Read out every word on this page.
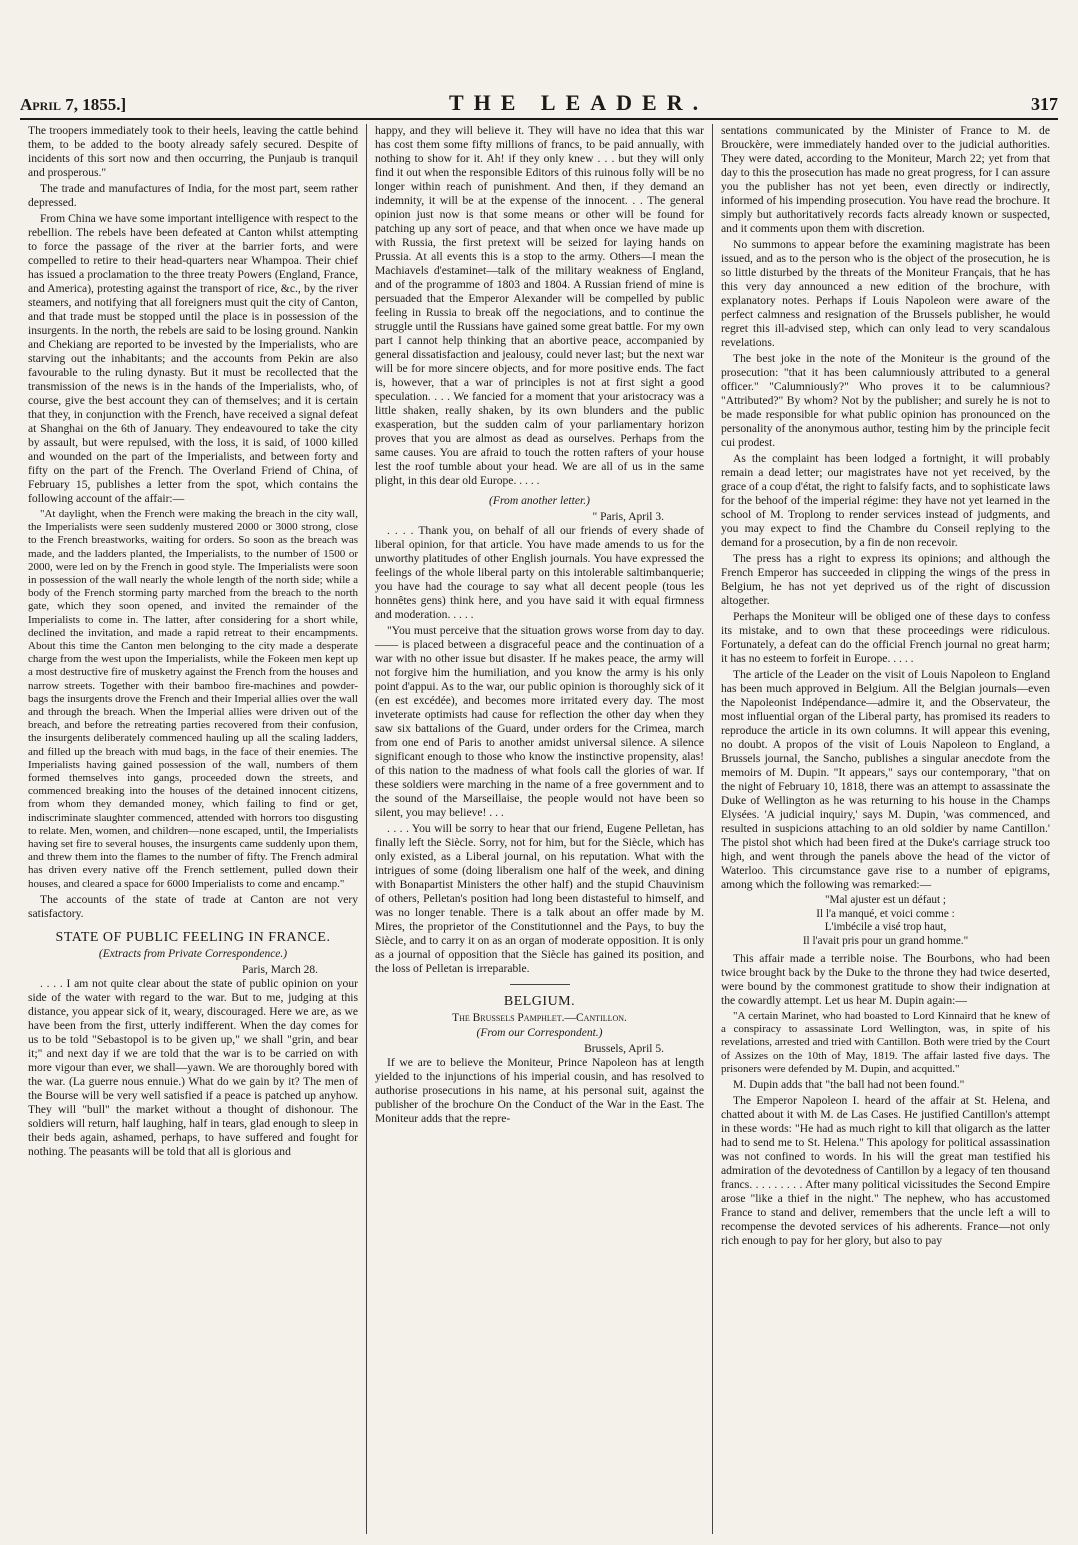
April 7, 1855.]	THE LEADER.	317

The troopers immediately took to their heels, leaving the cattle behind them, to be added to the booty already safely secured. Despite of incidents of this sort now and then occurring, the Punjaub is tranquil and prosperous."

The trade and manufactures of India, for the most part, seem rather depressed.

From China we have some important intelligence with respect to the rebellion. The rebels have been defeated at Canton whilst attempting to force the passage of the river at the barrier forts, and were compelled to retire to their head-quarters near Whampoa. Their chief has issued a proclamation to the three treaty Powers (England, France, and America), protesting against the transport of rice, &c., by the river steamers, and notifying that all foreigners must quit the city of Canton, and that trade must be stopped until the place is in possession of the insurgents. In the north, the rebels are said to be losing ground. Nankin and Chekiang are reported to be invested by the Imperialists, who are starving out the inhabitants; and the accounts from Pekin are also favourable to the ruling dynasty. But it must be recollected that the transmission of the news is in the hands of the Imperialists, who, of course, give the best account they can of themselves; and it is certain that they, in conjunction with the French, have received a signal defeat at Shanghai on the 6th of January. They endeavoured to take the city by assault, but were repulsed, with the loss, it is said, of 1000 killed and wounded on the part of the Imperialists, and between forty and fifty on the part of the French. The Overland Friend of China, of February 15, publishes a letter from the spot, which contains the following account of the affair:—

"At daylight, when the French were making the breach in the city wall, the Imperialists were seen suddenly mustered 2000 or 3000 strong, close to the French breastworks, waiting for orders. So soon as the breach was made, and the ladders planted, the Imperialists, to the number of 1500 or 2000, were led on by the French in good style. The Imperialists were soon in possession of the wall nearly the whole length of the north side; while a body of the French storming party marched from the breach to the north gate, which they soon opened, and invited the remainder of the Imperialists to come in. The latter, after considering for a short while, declined the invitation, and made a rapid retreat to their encampments. About this time the Canton men belonging to the city made a desperate charge from the west upon the Imperialists, while the Fokeen men kept up a most destructive fire of musketry against the French from the houses and narrow streets. Together with their bamboo fire-machines and powder-bags the insurgents drove the French and their Imperial allies over the wall and through the breach. When the Imperial allies were driven out of the breach, and before the retreating parties recovered from their confusion, the insurgents deliberately commenced hauling up all the scaling ladders, and filled up the breach with mud bags, in the face of their enemies. The Imperialists having gained possession of the wall, numbers of them formed themselves into gangs, proceeded down the streets, and commenced breaking into the houses of the detained innocent citizens, from whom they demanded money, which failing to find or get, indiscriminate slaughter commenced, attended with horrors too disgusting to relate. Men, women, and children—none escaped, until, the Imperialists having set fire to several houses, the insurgents came suddenly upon them, and threw them into the flames to the number of fifty. The French admiral has driven every native off the French settlement, pulled down their houses, and cleared a space for 6000 Imperialists to come and encamp."

The accounts of the state of trade at Canton are not very satisfactory.

STATE OF PUBLIC FEELING IN FRANCE.
(Extracts from Private Correspondence.)
Paris, March 28.

. . . . I am not quite clear about the state of public opinion on your side of the water with regard to the war. But to me, judging at this distance, you appear sick of it, weary, discouraged. Here we are, as we have been from the first, utterly indifferent. When the day comes for us to be told "Sebastopol is to be given up," we shall "grin, and bear it;" and next day if we are told that the war is to be carried on with more vigour than ever, we shall—yawn. We are thoroughly bored with the war. (La guerre nous ennuie.) What do we gain by it? The men of the Bourse will be very well satisfied if a peace is patched up anyhow. They will "bull" the market without a thought of dishonour. The soldiers will return, half laughing, half in tears, glad enough to sleep in their beds again, ashamed, perhaps, to have suffered and fought for nothing. The peasants will be told that all is glorious and

happy, and they will believe it. They will have no idea that this war has cost them some fifty millions of francs, to be paid annually, with nothing to show for it. Ah! if they only knew . . . but they will only find it out when the responsible Editors of this ruinous folly will be no longer within reach of punishment. And then, if they demand an indemnity, it will be at the expense of the innocent. . . The general opinion just now is that some means or other will be found for patching up any sort of peace, and that when once we have made up with Russia, the first pretext will be seized for laying hands on Prussia. At all events this is a stop to the army. Others—I mean the Machiavels d'estaminet—talk of the military weakness of England, and of the programme of 1803 and 1804. A Russian friend of mine is persuaded that the Emperor Alexander will be compelled by public feeling in Russia to break off the negociations, and to continue the struggle until the Russians have gained some great battle. For my own part I cannot help thinking that an abortive peace, accompanied by general dissatisfaction and jealousy, could never last; but the next war will be for more sincere objects, and for more positive ends. The fact is, however, that a war of principles is not at first sight a good speculation. . . . We fancied for a moment that your aristocracy was a little shaken, really shaken, by its own blunders and the public exasperation, but the sudden calm of your parliamentary horizon proves that you are almost as dead as ourselves. Perhaps from the same causes. You are afraid to touch the rotten rafters of your house lest the roof tumble about your head. We are all of us in the same plight, in this dear old Europe. . . . .

(From another letter.)
" Paris, April 3.

. . . . Thank you, on behalf of all our friends of every shade of liberal opinion, for that article. You have made amends to us for the unworthy platitudes of other English journals. You have expressed the feelings of the whole liberal party on this intolerable saltimbanquerie; you have had the courage to say what all decent people (tous les honnêtes gens) think here, and you have said it with equal firmness and moderation. . . . .

"You must perceive that the situation grows worse from day to day.—— is placed between a disgraceful peace and the continuation of a war with no other issue but disaster. If he makes peace, the army will not forgive him the humiliation, and you know the army is his only point d'appui. As to the war, our public opinion is thoroughly sick of it (en est excédée), and becomes more irritated every day. The most inveterate optimists had cause for reflection the other day when they saw six battalions of the Guard, under orders for the Crimea, march from one end of Paris to another amidst universal silence. A silence significant enough to those who know the instinctive propensity, alas! of this nation to the madness of what fools call the glories of war. If these soldiers were marching in the name of a free government and to the sound of the Marseillaise, the people would not have been so silent, you may believe! . . .

. . . . You will be sorry to hear that our friend, Eugene Pelletan, has finally left the Siècle. Sorry, not for him, but for the Siècle, which has only existed, as a Liberal journal, on his reputation. What with the intrigues of some (doing liberalism one half of the week, and dining with Bonapartist Ministers the other half) and the stupid Chauvinism of others, Pelletan's position had long been distasteful to himself, and was no longer tenable. There is a talk about an offer made by M. Mires, the proprietor of the Constitutionnel and the Pays, to buy the Siècle, and to carry it on as an organ of moderate opposition. It is only as a journal of opposition that the Siècle has gained its position, and the loss of Pelletan is irreparable.

BELGIUM.
The Brussels Pamphlet.—Cantillon.
(From our Correspondent.)
Brussels, April 5.

If we are to believe the Moniteur, Prince Napoleon has at length yielded to the injunctions of his imperial cousin, and has resolved to authorise prosecutions in his name, at his personal suit, against the publisher of the brochure On the Conduct of the War in the East. The Moniteur adds that the repre-

sentations communicated by the Minister of France to M. de Brouckère, were immediately handed over to the judicial authorities. They were dated, according to the Moniteur, March 22; yet from that day to this the prosecution has made no great progress, for I can assure you the publisher has not yet been, even directly or indirectly, informed of his impending prosecution. You have read the brochure. It simply but authoritatively records facts already known or suspected, and it comments upon them with discretion.

No summons to appear before the examining magistrate has been issued, and as to the person who is the object of the prosecution, he is so little disturbed by the threats of the Moniteur Français, that he has this very day announced a new edition of the brochure, with explanatory notes. Perhaps if Louis Napoleon were aware of the perfect calmness and resignation of the Brussels publisher, he would regret this ill-advised step, which can only lead to very scandalous revelations.

The best joke in the note of the Moniteur is the ground of the prosecution: "that it has been calumniously attributed to a general officer." "Calumniously?" Who proves it to be calumnious? "Attributed?" By whom? Not by the publisher; and surely he is not to be made responsible for what public opinion has pronounced on the personality of the anonymous author, testing him by the principle fecit cui prodest.

As the complaint has been lodged a fortnight, it will probably remain a dead letter; our magistrates have not yet received, by the grace of a coup d'état, the right to falsify facts, and to sophisticate laws for the behoof of the imperial régime: they have not yet learned in the school of M. Troplong to render services instead of judgments, and you may expect to find the Chambre du Conseil replying to the demand for a prosecution, by a fin de non recevoir.

The press has a right to express its opinions; and although the French Emperor has succeeded in clipping the wings of the press in Belgium, he has not yet deprived us of the right of discussion altogether.

Perhaps the Moniteur will be obliged one of these days to confess its mistake, and to own that these proceedings were ridiculous. Fortunately, a defeat can do the official French journal no great harm; it has no esteem to forfeit in Europe. . . . .

The article of the Leader on the visit of Louis Napoleon to England has been much approved in Belgium. All the Belgian journals—even the Napoleonist Indépendance—admire it, and the Observateur, the most influential organ of the Liberal party, has promised its readers to reproduce the article in its own columns. It will appear this evening, no doubt. A propos of the visit of Louis Napoleon to England, a Brussels journal, the Sancho, publishes a singular anecdote from the memoirs of M. Dupin. "It appears," says our contemporary, "that on the night of February 10, 1818, there was an attempt to assassinate the Duke of Wellington as he was returning to his house in the Champs Elysées. 'A judicial inquiry,' says M. Dupin, 'was commenced, and resulted in suspicions attaching to an old soldier by name Cantillon.' The pistol shot which had been fired at the Duke's carriage struck too high, and went through the panels above the head of the victor of Waterloo. This circumstance gave rise to a number of epigrams, among which the following was remarked:—

"Mal ajuster est un défaut ;
Il l'a manqué, et voici comme :
L'imbécile a visé trop haut,
Il l'avait pris pour un grand homme."

This affair made a terrible noise. The Bourbons, who had been twice brought back by the Duke to the throne they had twice deserted, were bound by the commonest gratitude to show their indignation at the cowardly attempt. Let us hear M. Dupin again:—

"A certain Marinet, who had boasted to Lord Kinnaird that he knew of a conspiracy to assassinate Lord Wellington, was, in spite of his revelations, arrested and tried with Cantillon. Both were tried by the Court of Assizes on the 10th of May, 1819. The affair lasted five days. The prisoners were defended by M. Dupin, and acquitted."

M. Dupin adds that "the ball had not been found."

The Emperor Napoleon I. heard of the affair at St. Helena, and chatted about it with M. de Las Cases. He justified Cantillon's attempt in these words: "He had as much right to kill that oligarch as the latter had to send me to St. Helena." This apology for political assassination was not confined to words. In his will the great man testified his admiration of the devotedness of Cantillon by a legacy of ten thousand francs. . . . . . . . . After many political vicissitudes the Second Empire arose "like a thief in the night." The nephew, who has accustomed France to stand and deliver, remembers that the uncle left a will to recompense the devoted services of his adherents. France—not only rich enough to pay for her glory, but also to pay
